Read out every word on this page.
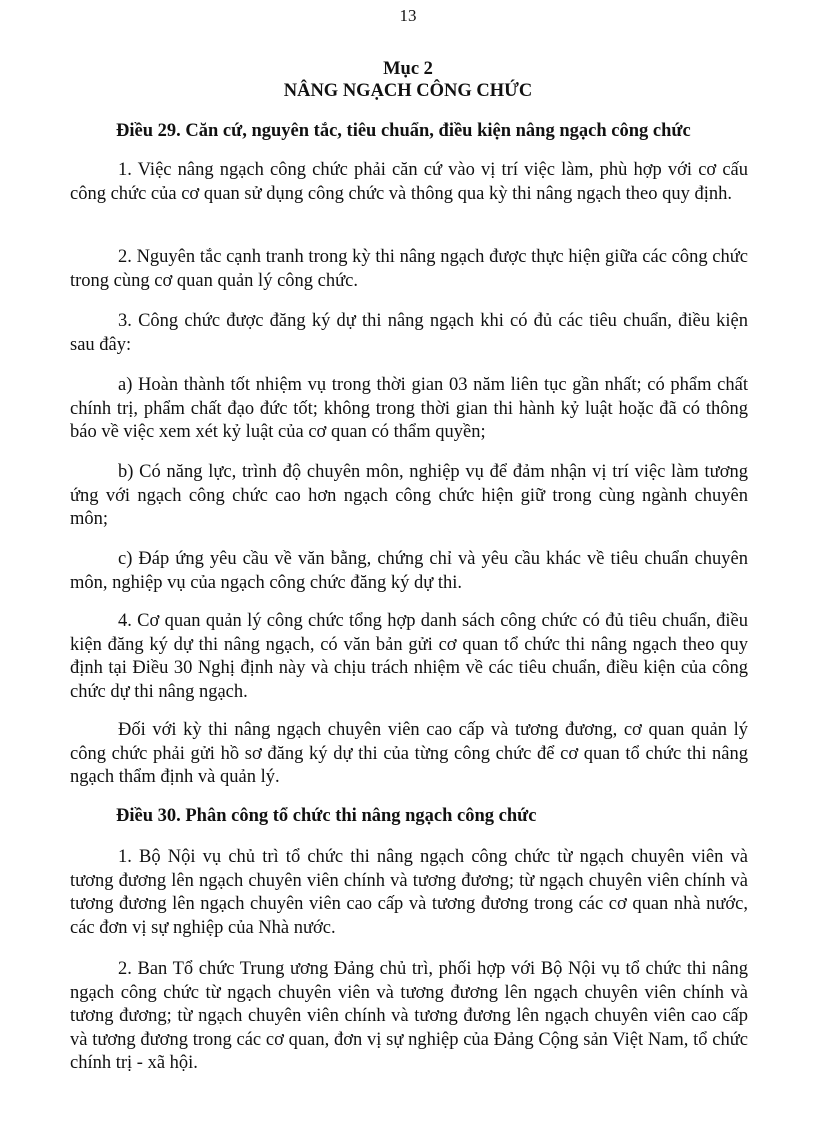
13
Mục 2
NÂNG NGẠCH CÔNG CHỨC
Điều 29. Căn cứ, nguyên tắc, tiêu chuẩn, điều kiện nâng ngạch công chức

1. Việc nâng ngạch công chức phải căn cứ vào vị trí việc làm, phù hợp với cơ cấu công chức của cơ quan sử dụng công chức và thông qua kỳ thi nâng ngạch theo quy định.

2. Nguyên tắc cạnh tranh trong kỳ thi nâng ngạch được thực hiện giữa các công chức trong cùng cơ quan quản lý công chức.

3. Công chức được đăng ký dự thi nâng ngạch khi có đủ các tiêu chuẩn, điều kiện sau đây:

a) Hoàn thành tốt nhiệm vụ trong thời gian 03 năm liên tục gần nhất; có phẩm chất chính trị, phẩm chất đạo đức tốt; không trong thời gian thi hành kỷ luật hoặc đã có thông báo về việc xem xét kỷ luật của cơ quan có thẩm quyền;

b) Có năng lực, trình độ chuyên môn, nghiệp vụ để đảm nhận vị trí việc làm tương ứng với ngạch công chức cao hơn ngạch công chức hiện giữ trong cùng ngành chuyên môn;

c) Đáp ứng yêu cầu về văn bằng, chứng chỉ và yêu cầu khác về tiêu chuẩn chuyên môn, nghiệp vụ của ngạch công chức đăng ký dự thi.

4. Cơ quan quản lý công chức tổng hợp danh sách công chức có đủ tiêu chuẩn, điều kiện đăng ký dự thi nâng ngạch, có văn bản gửi cơ quan tổ chức thi nâng ngạch theo quy định tại Điều 30 Nghị định này và chịu trách nhiệm về các tiêu chuẩn, điều kiện của công chức dự thi nâng ngạch.

Đối với kỳ thi nâng ngạch chuyên viên cao cấp và tương đương, cơ quan quản lý công chức phải gửi hồ sơ đăng ký dự thi của từng công chức để cơ quan tổ chức thi nâng ngạch thẩm định và quản lý.

Điều 30. Phân công tổ chức thi nâng ngạch công chức

1. Bộ Nội vụ chủ trì tổ chức thi nâng ngạch công chức từ ngạch chuyên viên và tương đương lên ngạch chuyên viên chính và tương đương; từ ngạch chuyên viên chính và tương đương lên ngạch chuyên viên cao cấp và tương đương trong các cơ quan nhà nước, các đơn vị sự nghiệp của Nhà nước.

2. Ban Tổ chức Trung ương Đảng chủ trì, phối hợp với Bộ Nội vụ tổ chức thi nâng ngạch công chức từ ngạch chuyên viên và tương đương lên ngạch chuyên viên chính và tương đương; từ ngạch chuyên viên chính và tương đương lên ngạch chuyên viên cao cấp và tương đương trong các cơ quan, đơn vị sự nghiệp của Đảng Cộng sản Việt Nam, tổ chức chính trị - xã hội.
